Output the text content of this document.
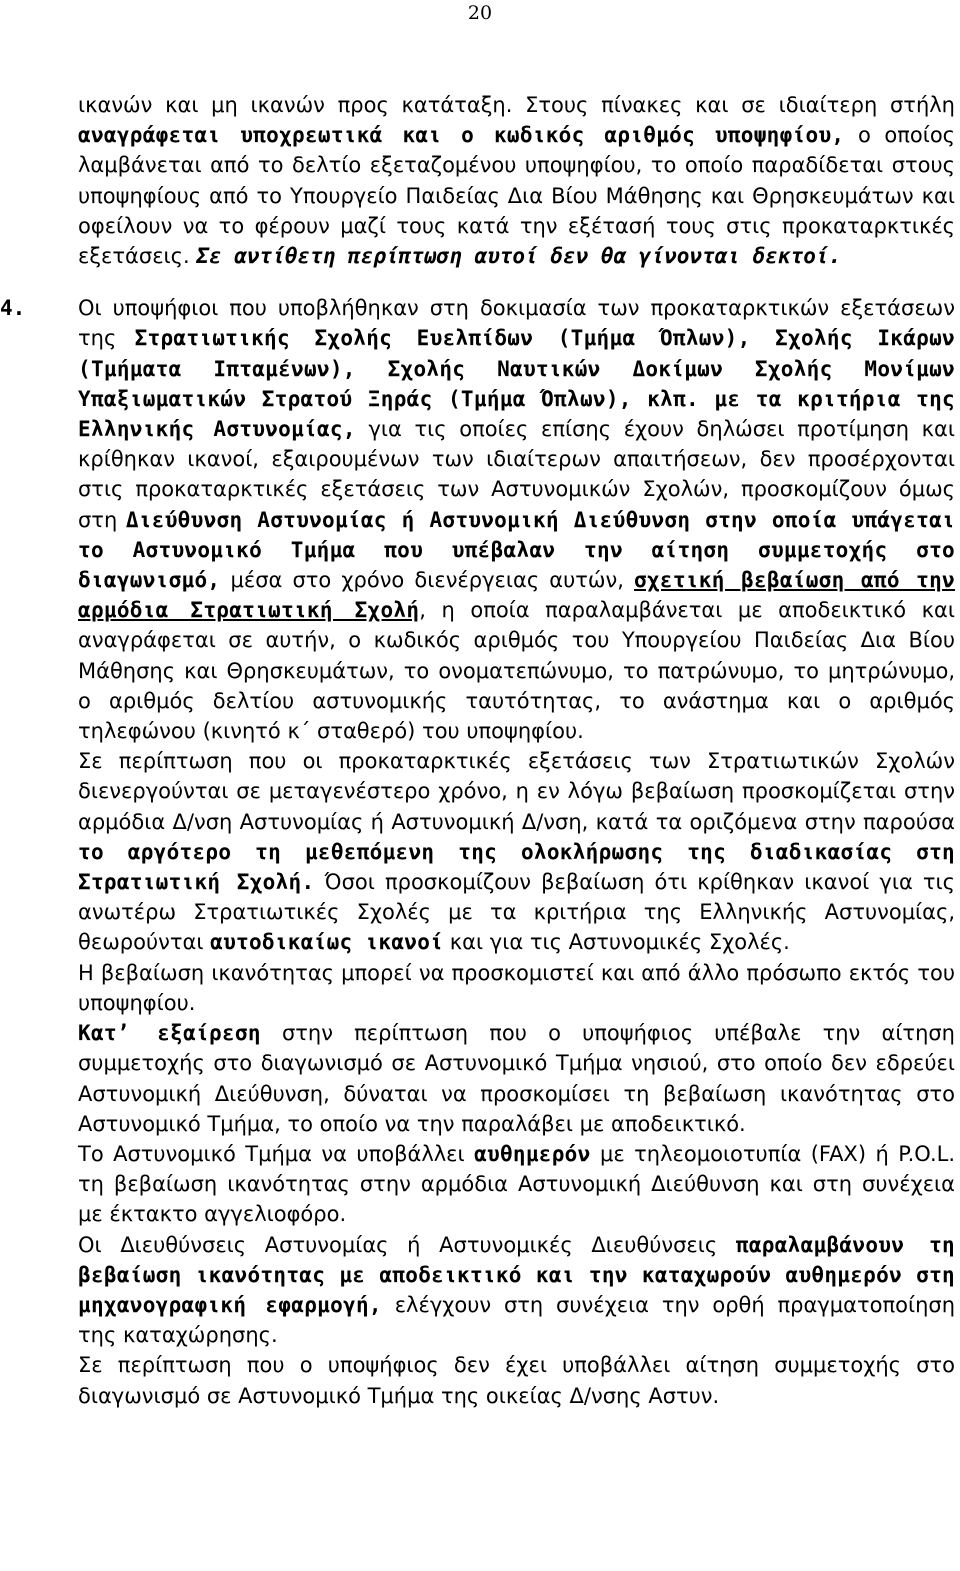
20

ικανών και μη ικανών προς κατάταξη. Στους πίνακες και σε ιδιαίτερη στήλη αναγράφεται υποχρεωτικά και ο κωδικός αριθμός υποψηφίου, ο οποίος λαμβάνεται από το δελτίο εξεταζομένου υποψηφίου, το οποίο παραδίδεται στους υποψηφίους από το Υπουργείο Παιδείας Δια Βίου Μάθησης και Θρησκευμάτων και οφείλουν να το φέρουν μαζί τους κατά την εξέτασή τους στις προκαταρκτικές εξετάσεις. Σε αντίθετη περίπτωση αυτοί δεν θα γίνονται δεκτοί.

4.	Οι υποψήφιοι που υποβλήθηκαν στη δοκιμασία των προκαταρκτικών εξετάσεων της Στρατιωτικής Σχολής Ευελπίδων (Τμήμα Όπλων), Σχολής Ικάρων (Τμήματα Ιπταμένων), Σχολής Ναυτικών Δοκίμων Σχολής Μονίμων Υπαξιωματικών Στρατού Ξηράς (Τμήμα Όπλων), κλπ. με τα κριτήρια της Ελληνικής Αστυνομίας, για τις οποίες επίσης έχουν δηλώσει προτίμηση και κρίθηκαν ικανοί, εξαιρουμένων των ιδιαίτερων απαιτήσεων, δεν προσέρχονται στις προκαταρκτικές εξετάσεις των Αστυνομικών Σχολών, προσκομίζουν όμως στη Διεύθυνση Αστυνομίας ή Αστυνομική Διεύθυνση στην οποία υπάγεται το Αστυνομικό Τμήμα που υπέβαλαν την αίτηση συμμετοχής στο διαγωνισμό, μέσα στο χρόνο διενέργειας αυτών, σχετική βεβαίωση από την αρμόδια Στρατιωτική Σχολή, η οποία παραλαμβάνεται με αποδεικτικό και αναγράφεται σε αυτήν, ο κωδικός αριθμός του Υπουργείου Παιδείας Δια Βίου Μάθησης και Θρησκευμάτων, το ονοματεπώνυμο, το πατρώνυμο, το μητρώνυμο, ο αριθμός δελτίου αστυνομικής ταυτότητας, το ανάστημα και ο αριθμός τηλεφώνου (κινητό κ΄ σταθερό) του υποψηφίου.

Σε περίπτωση που οι προκαταρκτικές εξετάσεις των Στρατιωτικών Σχολών διενεργούνται σε μεταγενέστερο χρόνο, η εν λόγω βεβαίωση προσκομίζεται στην αρμόδια Δ/νση Αστυνομίας ή Αστυνομική Δ/νση, κατά τα οριζόμενα στην παρούσα το αργότερο τη μεθεπόμενη της ολοκλήρωσης της διαδικασίας στη Στρατιωτική Σχολή. Όσοι προσκομίζουν βεβαίωση ότι κρίθηκαν ικανοί για τις ανωτέρω Στρατιωτικές Σχολές με τα κριτήρια της Ελληνικής Αστυνομίας, θεωρούνται αυτοδικαίως ικανοί και για τις Αστυνομικές Σχολές.

Η βεβαίωση ικανότητας μπορεί να προσκομιστεί και από άλλο πρόσωπο εκτός του υποψηφίου.

Κατ’ εξαίρεση στην περίπτωση που ο υποψήφιος υπέβαλε την αίτηση συμμετοχής στο διαγωνισμό σε Αστυνομικό Τμήμα νησιού, στο οποίο δεν εδρεύει Αστυνομική Διεύθυνση, δύναται να προσκομίσει τη βεβαίωση ικανότητας στο Αστυνομικό Τμήμα, το οποίο να την παραλάβει με αποδεικτικό.

Το Αστυνομικό Τμήμα να υποβάλλει αυθημερόν με τηλεομοιοτυπία (FAX) ή P.O.L. τη βεβαίωση ικανότητας στην αρμόδια Αστυνομική Διεύθυνση και στη συνέχεια με έκτακτο αγγελιοφόρο.

Οι Διευθύνσεις Αστυνομίας ή Αστυνομικές Διευθύνσεις παραλαμβάνουν τη βεβαίωση ικανότητας με αποδεικτικό και την καταχωρούν αυθημερόν στη μηχανογραφική εφαρμογή, ελέγχουν στη συνέχεια την ορθή πραγματοποίηση της καταχώρησης.

Σε περίπτωση που ο υποψήφιος δεν έχει υποβάλλει αίτηση συμμετοχής στο διαγωνισμό σε Αστυνομικό Τμήμα της οικείας Δ/νσης Αστυν.
